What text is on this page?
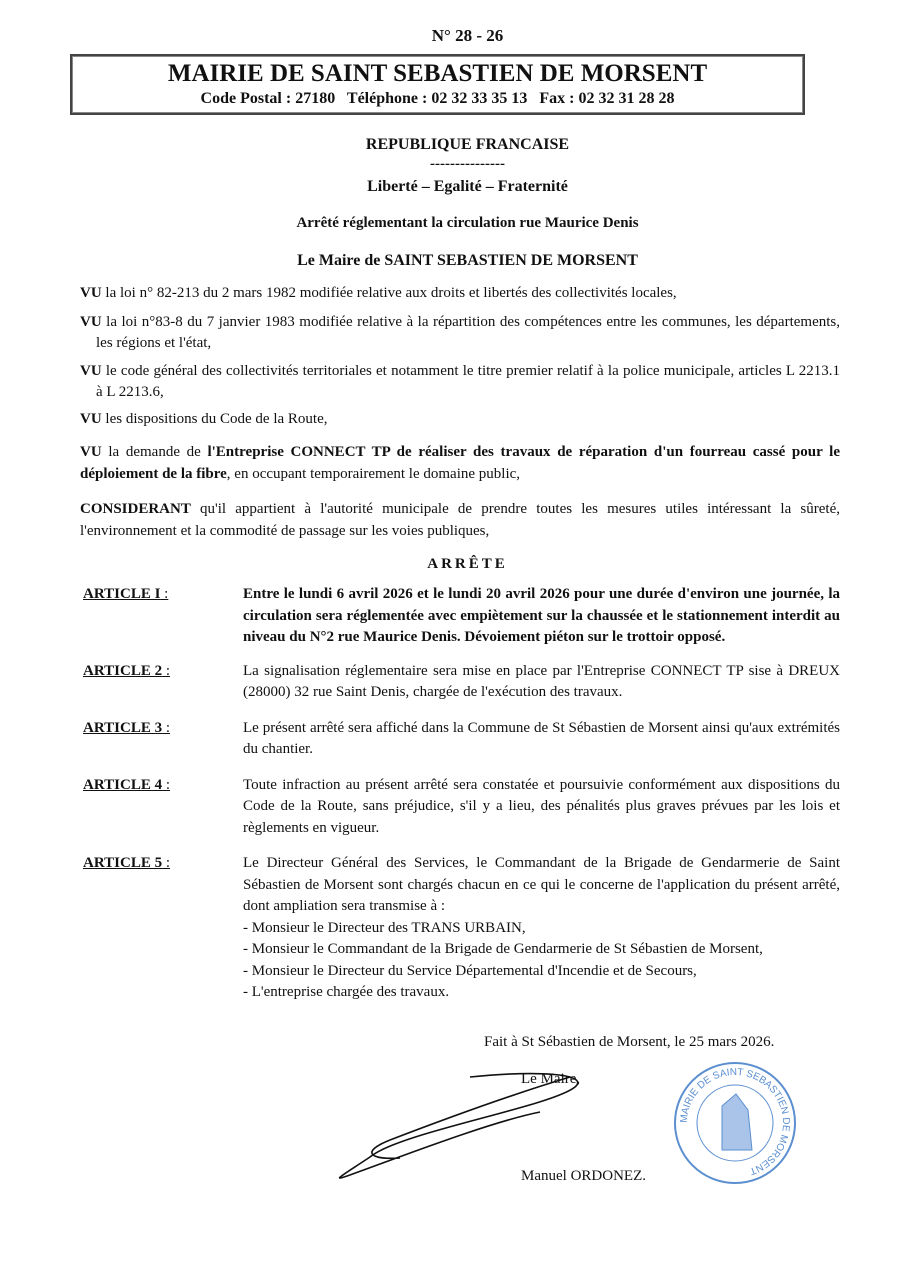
N° 28 - 26
MAIRIE DE SAINT SEBASTIEN DE MORSENT
Code Postal : 27180   Téléphone : 02 32 33 35 13   Fax : 02 32 31 28 28
REPUBLIQUE FRANCAISE
---------------
Liberté – Egalité – Fraternité
Arrêté réglementant la circulation rue Maurice Denis
Le Maire de SAINT SEBASTIEN DE MORSENT
VU la loi n° 82-213 du 2 mars 1982 modifiée relative aux droits et libertés des collectivités locales,
VU la loi n°83-8 du 7 janvier 1983 modifiée relative à la répartition des compétences entre les communes, les départements, les régions et l'état,
VU le code général des collectivités territoriales et notamment le titre premier relatif à la police municipale, articles L 2213.1 à L 2213.6,
VU les dispositions du Code de la Route,
VU la demande de l'Entreprise CONNECT TP de réaliser des travaux de réparation d'un fourreau cassé pour le déploiement de la fibre, en occupant temporairement le domaine public,
CONSIDERANT qu'il appartient à l'autorité municipale de prendre toutes les mesures utiles intéressant la sûreté, l'environnement et la commodité de passage sur les voies publiques,
ARRÊTE
ARTICLE I :	Entre le lundi 6 avril 2026 et le lundi 20 avril 2026 pour une durée d'environ une journée, la circulation sera réglementée avec empiètement sur la chaussée et le stationnement interdit au niveau du N°2 rue Maurice Denis. Dévoiement piéton sur le trottoir opposé.
ARTICLE 2 :	La signalisation réglementaire sera mise en place par l'Entreprise CONNECT TP sise à DREUX (28000) 32 rue Saint Denis, chargée de l'exécution des travaux.
ARTICLE 3 :	Le présent arrêté sera affiché dans la Commune de St Sébastien de Morsent ainsi qu'aux extrémités du chantier.
ARTICLE 4 :	Toute infraction au présent arrêté sera constatée et poursuivie conformément aux dispositions du Code de la Route, sans préjudice, s'il y a lieu, des pénalités plus graves prévues par les lois et règlements en vigueur.
ARTICLE 5 :	Le Directeur Général des Services, le Commandant de la Brigade de Gendarmerie de Saint Sébastien de Morsent sont chargés chacun en ce qui le concerne de l'application du présent arrêté, dont ampliation sera transmise à :
- Monsieur le Directeur des TRANS URBAIN,
- Monsieur le Commandant de la Brigade de Gendarmerie de St Sébastien de Morsent,
- Monsieur le Directeur du Service Départemental d'Incendie et de Secours,
- L'entreprise chargée des travaux.
Fait à St Sébastien de Morsent, le 25 mars 2026.
Le Maire,
Manuel ORDONEZ.
MAIRIE DE SAINT SEBASTIEN DE MORSENT
